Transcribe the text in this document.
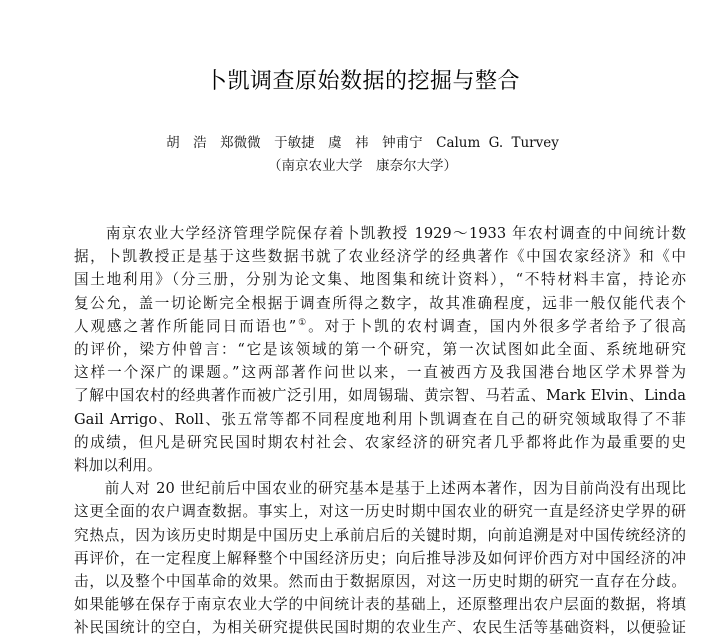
卜凯调查原始数据的挖掘与整合
胡　浩　郑微微　于敏捷　虞　祎　钟甫宁　Calum G. Turvey
（南京农业大学　康奈尔大学）
　　南京农业大学经济管理学院保存着卜凯教授 1929～1933 年农村调查的中间统计数
据，卜凯教授正是基于这些数据书就了农业经济学的经典著作《中国农家经济》和《中
国土地利用》（分三册，分别为论文集、地图集和统计资料），“不特材料丰富，持论亦
复公允，盖一切论断完全根据于调查所得之数字，故其准确程度，远非一般仅能代表个
人观感之著作所能同日而语也”①。对于卜凯的农村调查，国内外很多学者给予了很高
的评价，梁方仲曾言：“它是该领域的第一个研究，第一次试图如此全面、系统地研究
这样一个深广的课题。”这两部著作问世以来，一直被西方及我国港台地区学术界誉为
了解中国农村的经典著作而被广泛引用，如周锡瑞、黄宗智、马若孟、Mark Elvin、Linda
Gail Arrigo、Roll、张五常等都不同程度地利用卜凯调查在自己的研究领域取得了不菲
的成绩，但凡是研究民国时期农村社会、农家经济的研究者几乎都将此作为最重要的史
料加以利用。
　　前人对 20 世纪前后中国农业的研究基本是基于上述两本著作，因为目前尚没有出现比
这更全面的农户调查数据。事实上，对这一历史时期中国农业的研究一直是经济史学界的研
究热点，因为该历史时期是中国历史上承前启后的关键时期，向前追溯是对中国传统经济的
再评价，在一定程度上解释整个中国经济历史；向后推导涉及如何评价西方对中国经济的冲
击，以及整个中国革命的效果。然而由于数据原因，对这一历史时期的研究一直存在分歧。
如果能够在保存于南京农业大学的中间统计表的基础上，还原整理出农户层面的数据，将填
补民国统计的空白，为相关研究提供民国时期的农业生产、农民生活等基础资料，以便验证
